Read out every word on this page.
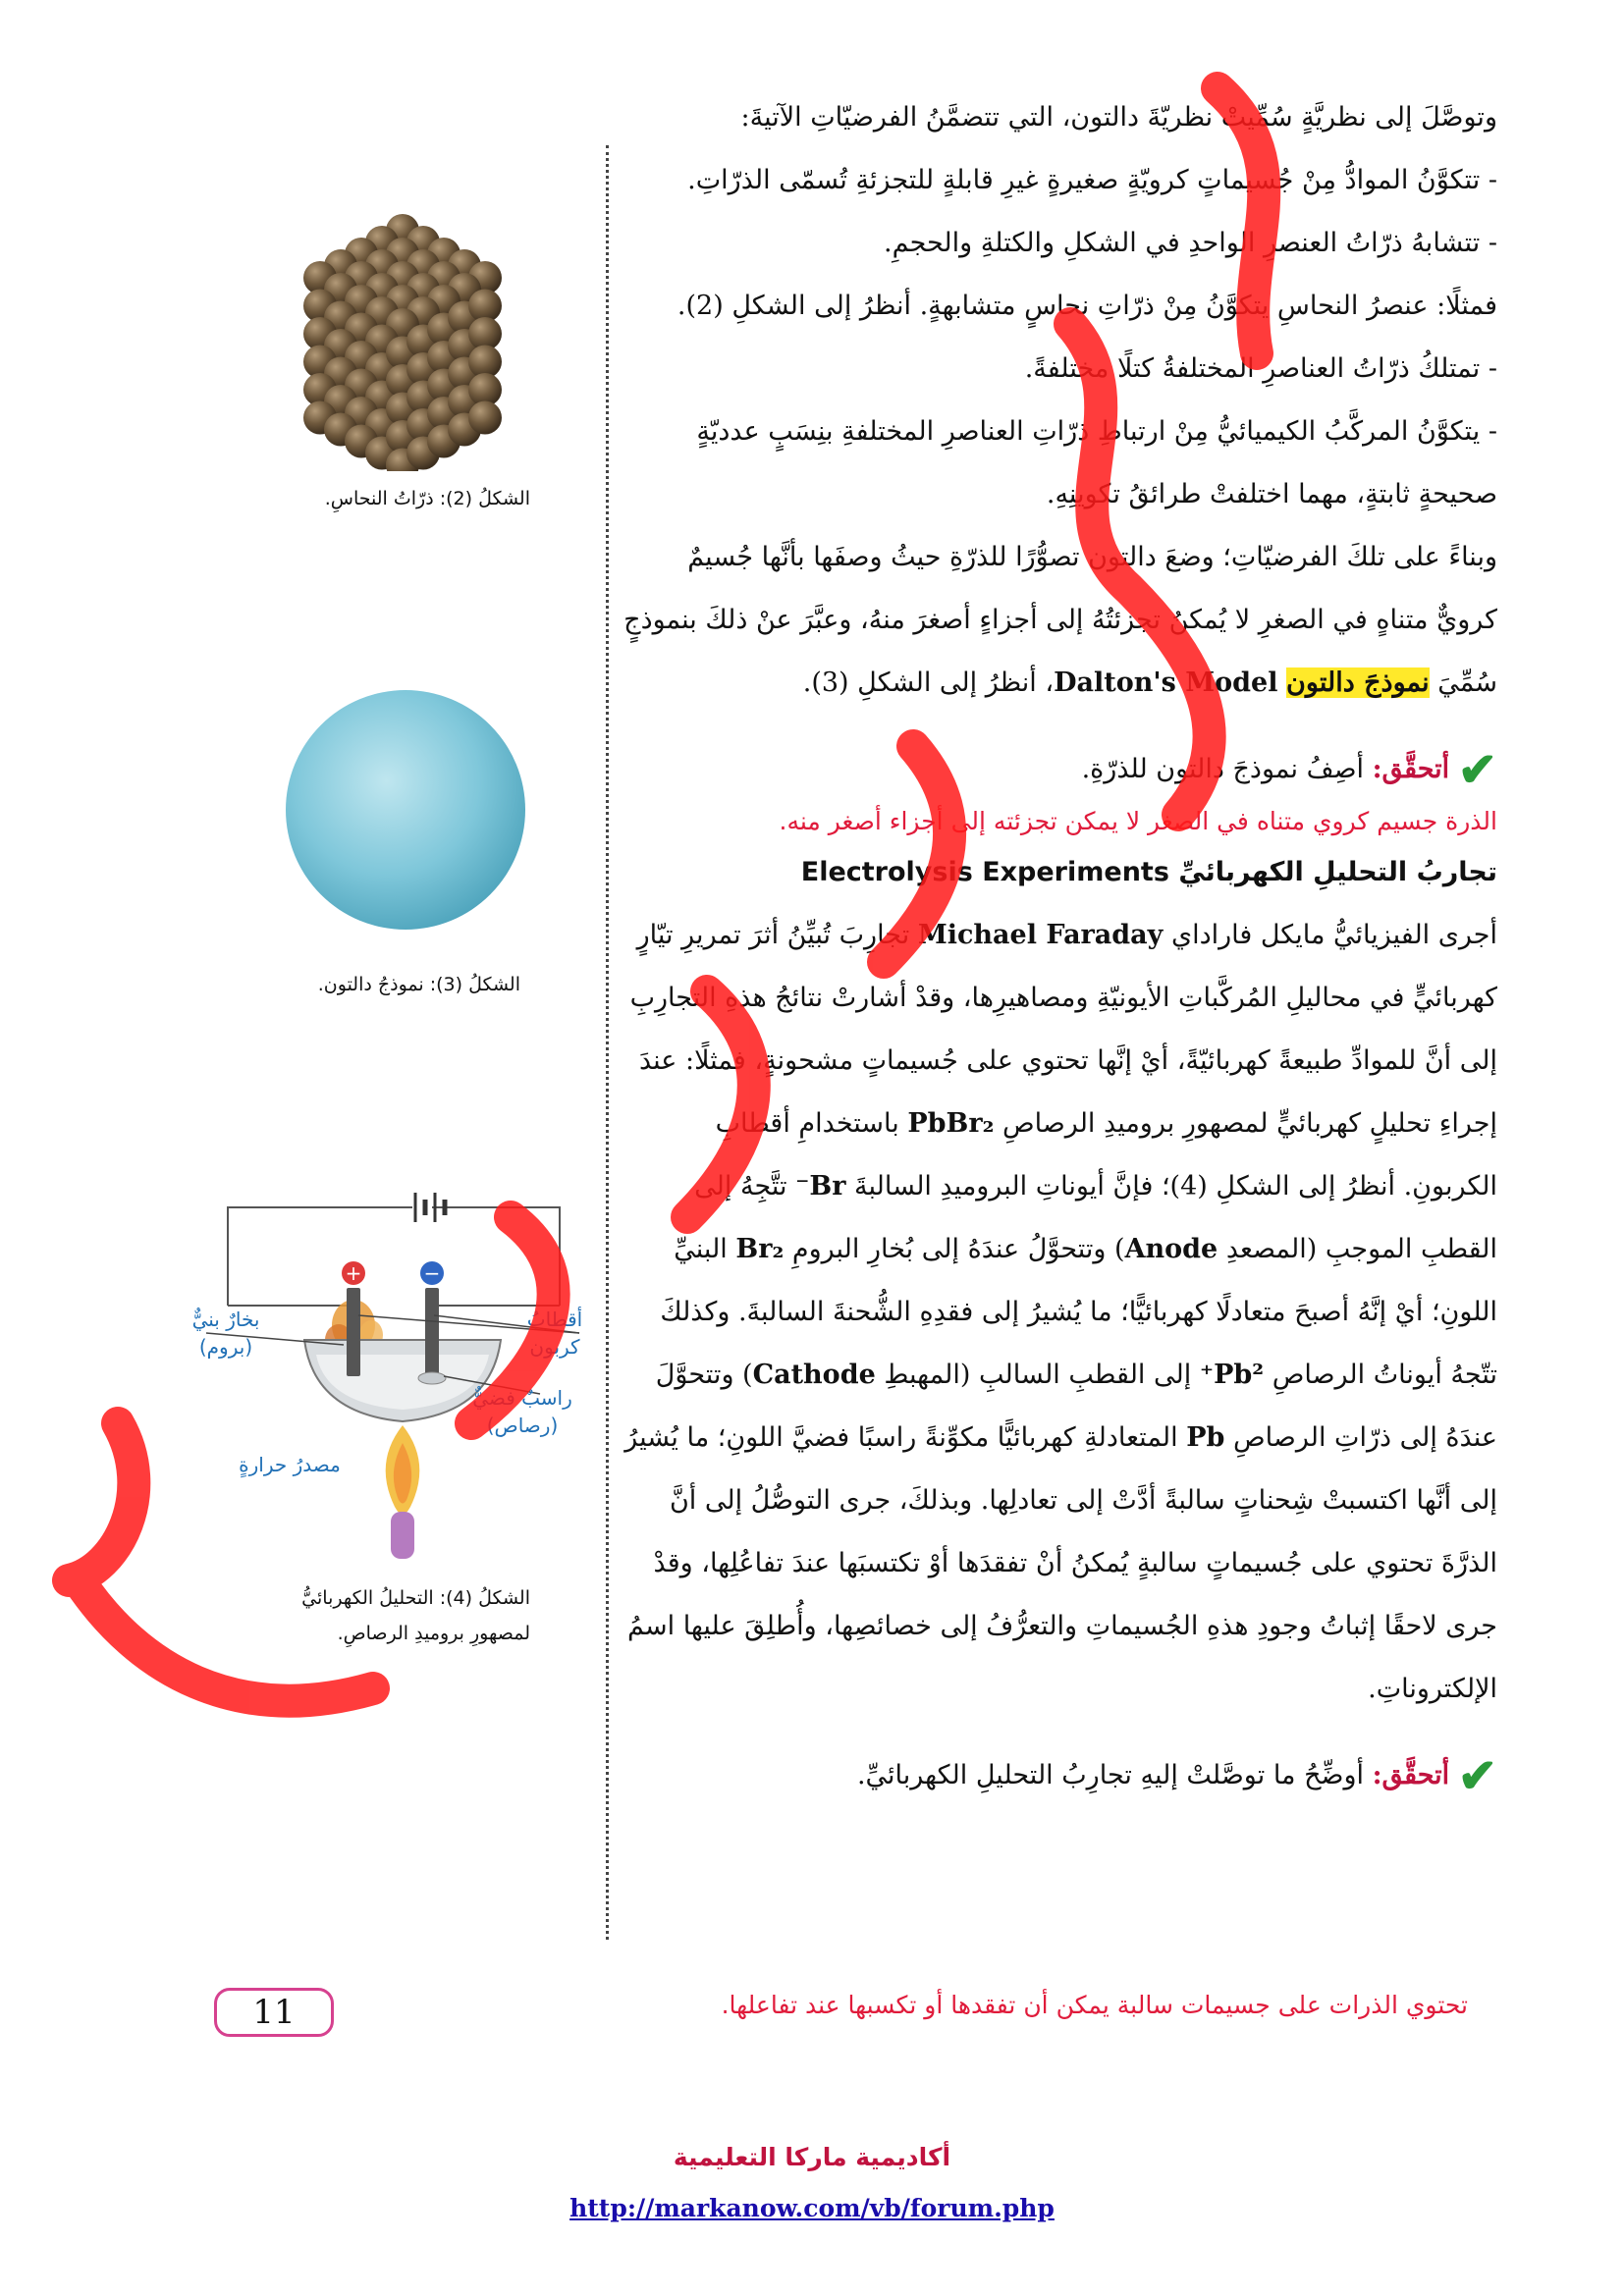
وتوصَّلَ إلى نظريَّةٍ سُمِّيتْ نظريّةَ دالتون، التي تتضمَّنُ الفرضيّاتِ الآتيةَ:

- تتكوَّنُ الموادُّ مِنْ جُسيماتٍ كرويّةٍ صغيرةٍ غيرِ قابلةٍ للتجزئةِ تُسمّى الذرّاتِ.

- تتشابهُ ذرّاتُ العنصرِ الواحدِ في الشكلِ والكتلةِ والحجمِ.

فمثلًا: عنصرُ النحاسِ يتكوَّنُ مِنْ ذرّاتِ نحاسٍ متشابهةٍ. أنظرُ إلى الشكلِ (2).

- تمتلكُ ذرّاتُ العناصرِ المختلفةُ كتلًا مختلفةً.

- يتكوَّنُ المركَّبُ الكيميائيُّ مِنْ ارتباطِ ذرّاتِ العناصرِ المختلفةِ بنِسَبٍ عدديّةٍ صحيحةٍ ثابتةٍ، مهما اختلفتْ طرائقُ تكوينِهِ.

وبناءً على تلكَ الفرضيّاتِ؛ وضعَ دالتون تصوُّرًا للذرّةِ حيثُ وصفَها بأنَّها جُسيمٌ كرويٌّ متناهٍ في الصغرِ لا يُمكنُ تجزئتُهُ إلى أجزاءٍ أصغرَ منهُ، وعبَّرَ عنْ ذلكَ بنموذجٍ سُمِّيَ نموذجَ دالتون Dalton's Model، أنظرُ إلى الشكلِ (3).

✔ أتحقَّق: أصِفُ نموذجَ دالتون للذرّةِ.
الذرة جسيم كروي متناه في الصغر لا يمكن تجزئته إلى أجزاء أصغر منه.

تجاربُ التحليلِ الكهربائيِّ Electrolysis Experiments

أجرى الفيزيائيُّ مايكل فاراداي Michael Faraday تجارِبَ تُبيِّنُ أثرَ تمريرِ تيّارٍ كهربائيٍّ في محاليلِ المُركَّباتِ الأيونيّةِ ومصاهيرِها، وقدْ أشارتْ نتائجُ هذهِ التجارِبِ إلى أنَّ للموادِّ طبيعةً كهربائيّةً، أيْ إنَّها تحتوي على جُسيماتٍ مشحونةٍ، فمثلًا: عندَ إجراءِ تحليلٍ كهربائيٍّ لمصهورِ بروميدِ الرصاصِ PbBr₂ باستخدامِ أقطابِ الكربونِ. أنظرُ إلى الشكلِ (4)؛ فإنَّ أيوناتِ البروميدِ السالبةَ Br⁻ تتَّجِهُ إلى القطبِ الموجبِ (المصعدِ Anode) وتتحوَّلُ عندَهُ إلى بُخارِ البرومِ Br₂ البنيِّ اللونِ؛ أيْ إنَّهُ أصبحَ متعادلًا كهربائيًّا؛ ما يُشيرُ إلى فقدِهِ الشُّحنةَ السالبةَ. وكذلكَ تتّجهُ أيوناتُ الرصاصِ Pb²⁺ إلى القطبِ السالبِ (المهبطِ Cathode) وتتحوَّلَ عندَهُ إلى ذرّاتِ الرصاصِ Pb المتعادلةِ كهربائيًّا مكوِّنةً راسبًا فضيَّ اللونِ؛ ما يُشيرُ إلى أنَّها اكتسبتْ شِحناتٍ سالبةً أدَّتْ إلى تعادلِها. وبذلكَ، جرى التوصُّلُ إلى أنَّ الذرَّةَ تحتوي على جُسيماتٍ سالبةٍ يُمكنُ أنْ تفقدَها أوْ تكتسبَها عندَ تفاعُلِها، وقدْ جرى لاحقًا إثباتُ وجودِ هذهِ الجُسيماتِ والتعرُّفُ إلى خصائصِها، وأُطلِقَ عليها اسمُ الإلكتروناتِ.

✔ أتحقَّق: أوضِّحُ ما توصَّلتْ إليهِ تجارِبُ التحليلِ الكهربائيِّ.
الشكلُ (2): ذرّاتُ النحاسِ.
الشكلُ (3): نموذجُ دالتون.
+	−
بخارٌ بنيٌّ
(بروم)
أقطابُ
كربون
راسبٌ فضيٌّ
(رصاص)
مصدرُ حرارةٍ
الشكلُ (4): التحليلُ الكهربائيُّ
لمصهورِ بروميدِ الرصاصِ.
تحتوي الذرات على جسيمات سالبة يمكن أن تفقدها أو تكسبها عند تفاعلها.
11
أكاديمية ماركا التعليمية
http://markanow.com/vb/forum.php
